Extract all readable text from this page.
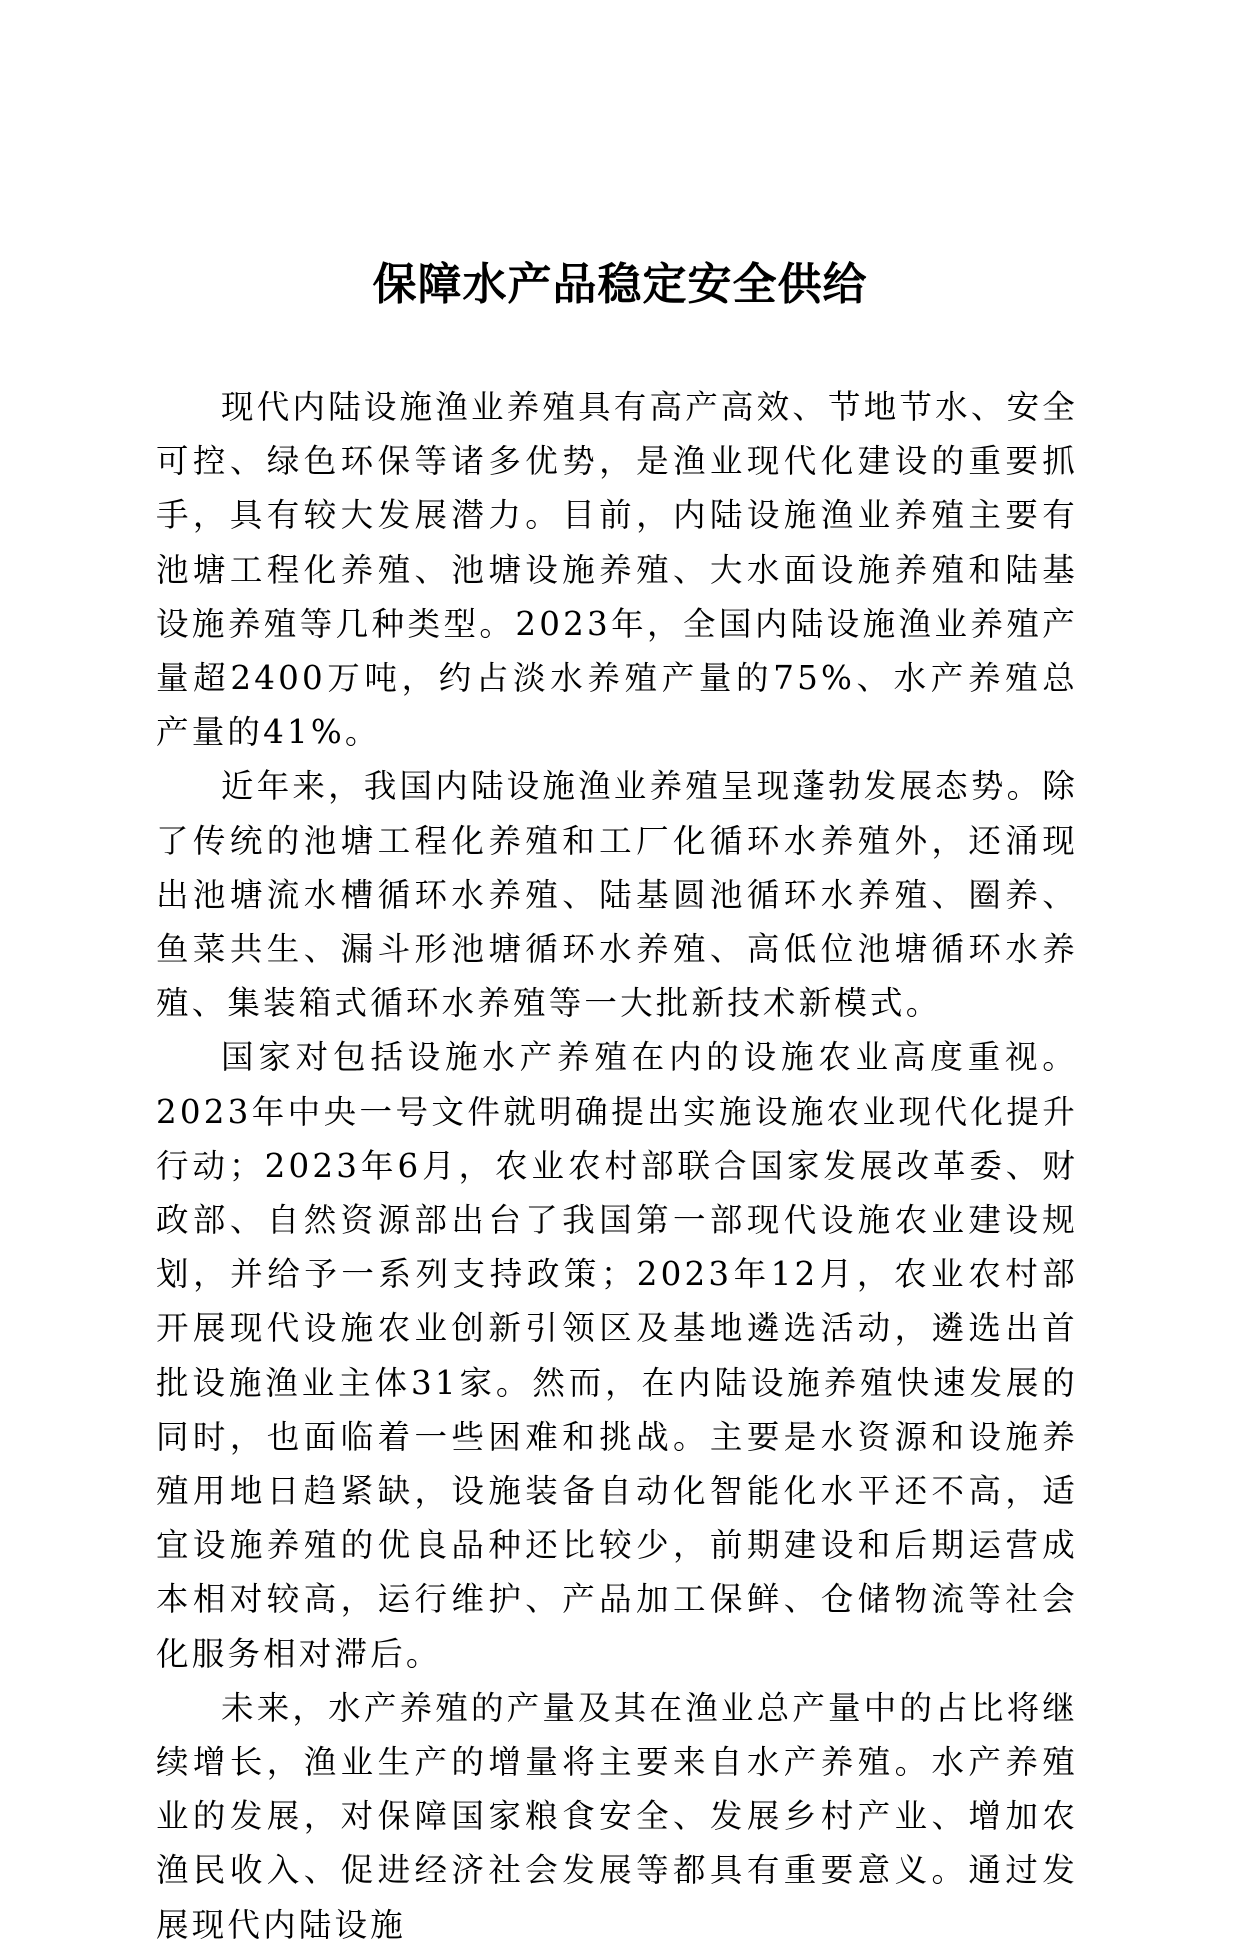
保障水产品稳定安全供给

现代内陆设施渔业养殖具有高产高效、节地节水、安全可控、绿色环保等诸多优势，是渔业现代化建设的重要抓手，具有较大发展潜力。目前，内陆设施渔业养殖主要有池塘工程化养殖、池塘设施养殖、大水面设施养殖和陆基设施养殖等几种类型。2023年，全国内陆设施渔业养殖产量超2400万吨，约占淡水养殖产量的75%、水产养殖总产量的41%。

近年来，我国内陆设施渔业养殖呈现蓬勃发展态势。除了传统的池塘工程化养殖和工厂化循环水养殖外，还涌现出池塘流水槽循环水养殖、陆基圆池循环水养殖、圈养、鱼菜共生、漏斗形池塘循环水养殖、高低位池塘循环水养殖、集装箱式循环水养殖等一大批新技术新模式。

国家对包括设施水产养殖在内的设施农业高度重视。2023年中央一号文件就明确提出实施设施农业现代化提升行动；2023年6月，农业农村部联合国家发展改革委、财政部、自然资源部出台了我国第一部现代设施农业建设规划，并给予一系列支持政策；2023年12月，农业农村部开展现代设施农业创新引领区及基地遴选活动，遴选出首批设施渔业主体31家。然而，在内陆设施养殖快速发展的同时，也面临着一些困难和挑战。主要是水资源和设施养殖用地日趋紧缺，设施装备自动化智能化水平还不高，适宜设施养殖的优良品种还比较少，前期建设和后期运营成本相对较高，运行维护、产品加工保鲜、仓储物流等社会化服务相对滞后。

未来，水产养殖的产量及其在渔业总产量中的占比将继续增长，渔业生产的增量将主要来自水产养殖。水产养殖业的发展，对保障国家粮食安全、发展乡村产业、增加农渔民收入、促进经济社会发展等都具有重要意义。通过发展现代内陆设施
